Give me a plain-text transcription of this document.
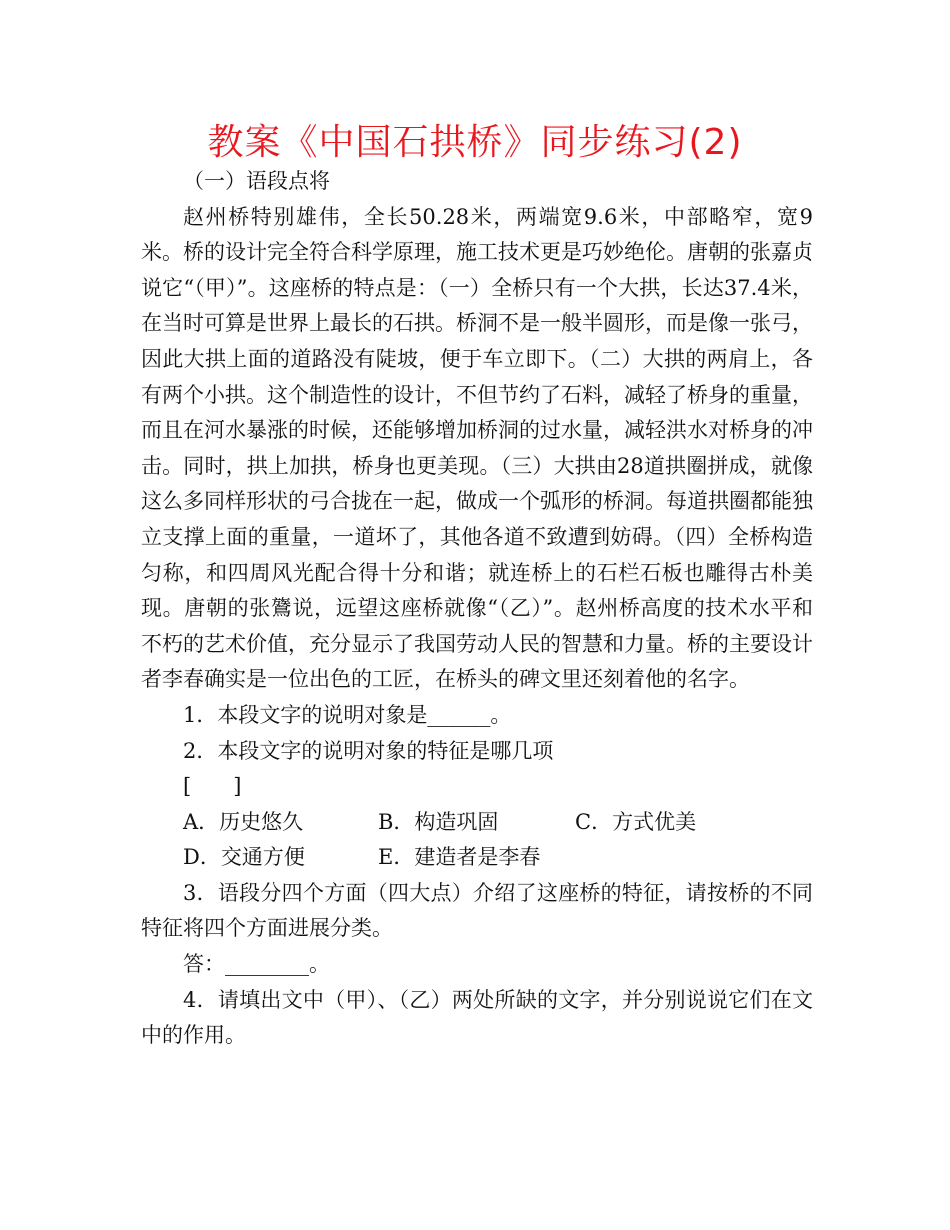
教案《中国石拱桥》同步练习(2)

（一）语段点将

赵州桥特别雄伟，全长50.28米，两端宽9.6米，中部略窄，宽9米。桥的设计完全符合科学原理，施工技术更是巧妙绝伦。唐朝的张嘉贞说它“（甲）”。这座桥的特点是：（一）全桥只有一个大拱，长达37.4米，在当时可算是世界上最长的石拱。桥洞不是一般半圆形，而是像一张弓，因此大拱上面的道路没有陡坡，便于车立即下。（二）大拱的两肩上，各有两个小拱。这个制造性的设计，不但节约了石料，减轻了桥身的重量，而且在河水暴涨的时候，还能够增加桥洞的过水量，减轻洪水对桥身的冲击。同时，拱上加拱，桥身也更美现。（三）大拱由28道拱圈拼成，就像这么多同样形状的弓合拢在一起，做成一个弧形的桥洞。每道拱圈都能独立支撑上面的重量，一道坏了，其他各道不致遭到妨碍。（四）全桥构造匀称，和四周风光配合得十分和谐；就连桥上的石栏石板也雕得古朴美现。唐朝的张鷟说，远望这座桥就像“（乙）”。赵州桥高度的技术水平和不朽的艺术价值，充分显示了我国劳动人民的智慧和力量。桥的主要设计者李春确实是一位出色的工匠，在桥头的碑文里还刻着他的名字。

1．本段文字的说明对象是______。

2．本段文字的说明对象的特征是哪几项

[　　]

A．历史悠久	B．构造巩固	C．方式优美
D．交通方便	E．建造者是李春

3．语段分四个方面（四大点）介绍了这座桥的特征，请按桥的不同特征将四个方面进展分类。

答：________。

4．请填出文中（甲）、（乙）两处所缺的文字，并分别说说它们在文中的作用。
